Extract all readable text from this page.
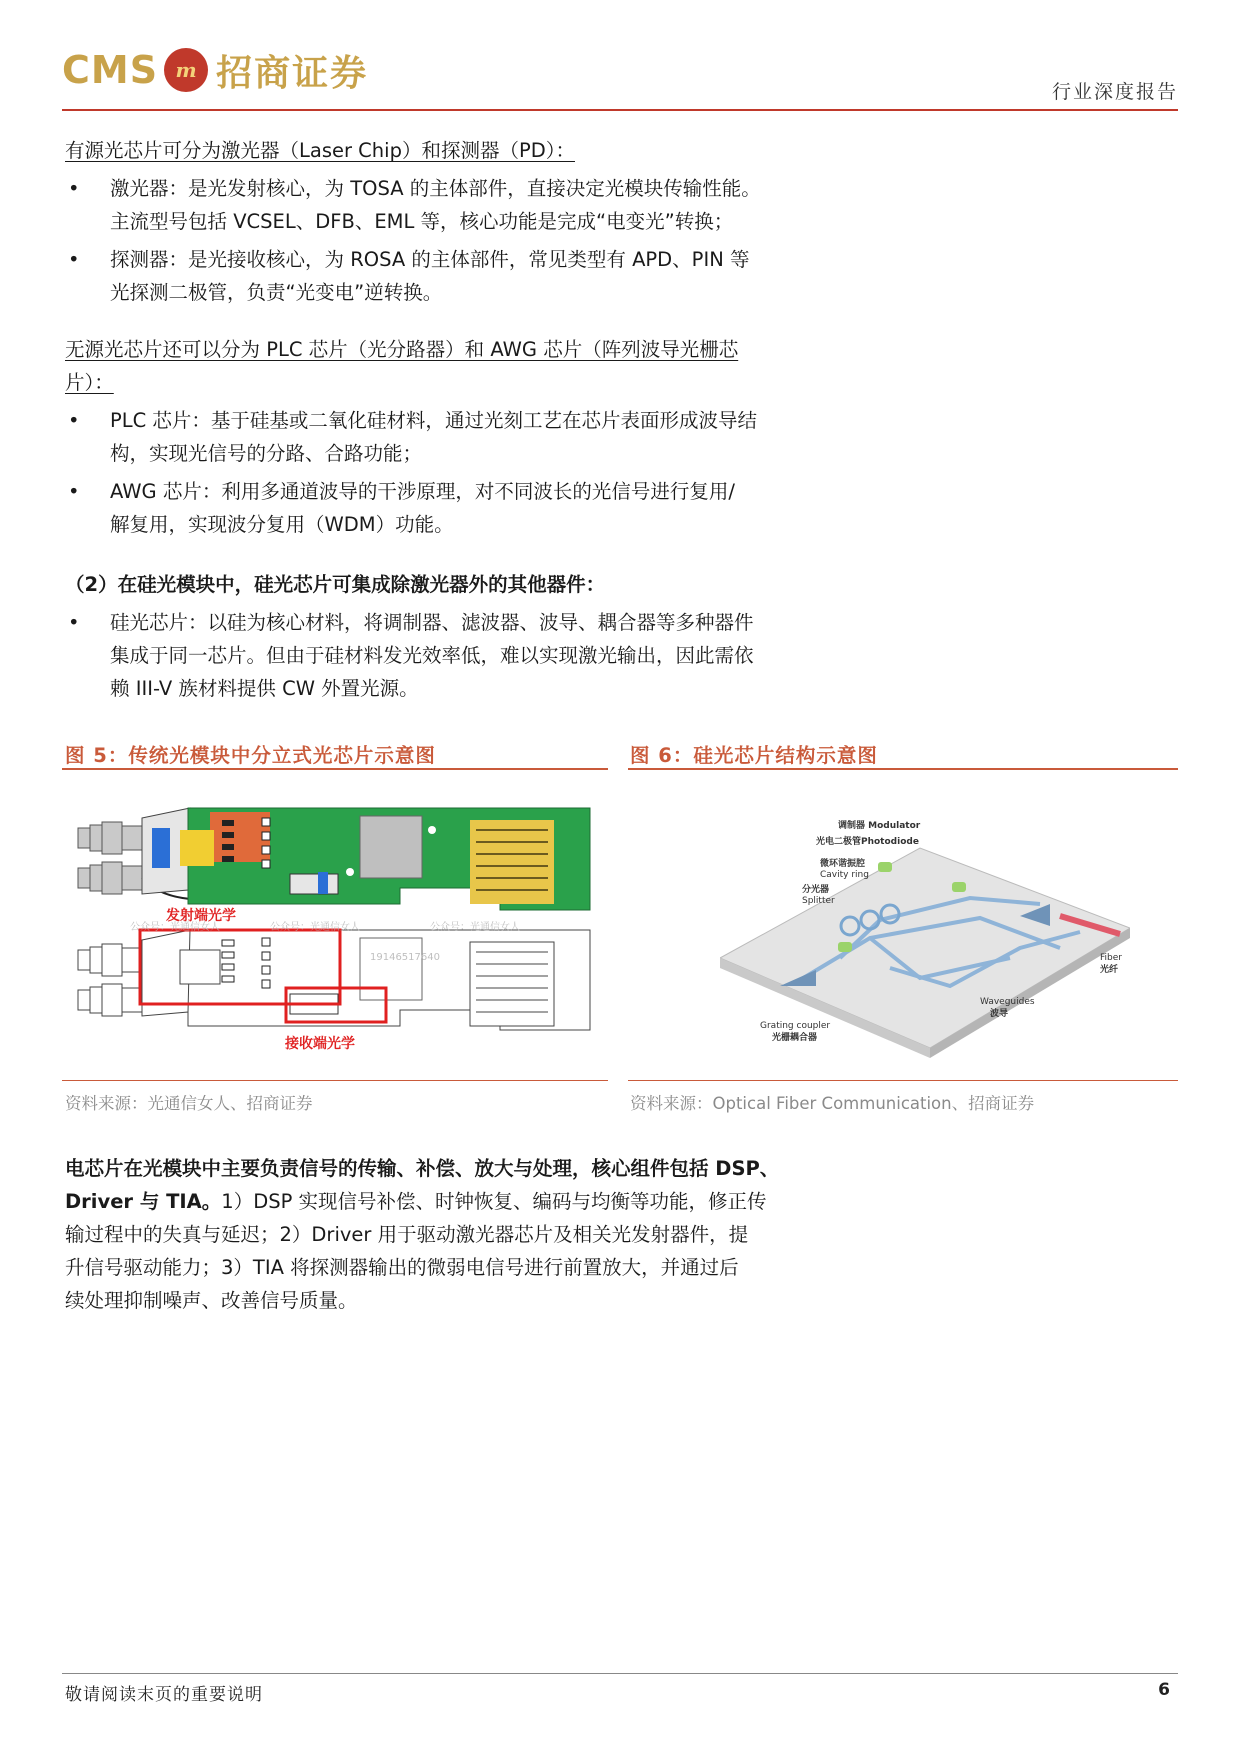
CMS m 招商证券	行业深度报告
有源光芯片可分为激光器（Laser Chip）和探测器（PD）：
• 激光器：是光发射核心，为 TOSA 的主体部件，直接决定光模块传输性能。
主流型号包括 VCSEL、DFB、EML 等，核心功能是完成“电变光”转换；
• 探测器：是光接收核心，为 ROSA 的主体部件，常见类型有 APD、PIN 等
光探测二极管，负责“光变电”逆转换。
无源光芯片还可以分为 PLC 芯片（光分路器）和 AWG 芯片（阵列波导光栅芯
片）：
• PLC 芯片：基于硅基或二氧化硅材料，通过光刻工艺在芯片表面形成波导结
构，实现光信号的分路、合路功能；
• AWG 芯片：利用多通道波导的干涉原理，对不同波长的光信号进行复用/
解复用，实现波分复用（WDM）功能。
（2）在硅光模块中，硅光芯片可集成除激光器外的其他器件：
• 硅光芯片：以硅为核心材料，将调制器、滤波器、波导、耦合器等多种器件
集成于同一芯片。但由于硅材料发光效率低，难以实现激光输出，因此需依
赖 III-V 族材料提供 CW 外置光源。
图 5：传统光模块中分立式光芯片示意图
发射端光学
接收端光学
公众号：光通信女人	公众号：光通信女人	公众号：光通信女人
19146517640
资料来源：光通信女人、招商证券
图 6：硅光芯片结构示意图
调制器 Modulator
光电二极管Photodiode
微环谐振腔
Cavity ring
分光器
Splitter
Fiber
光纤
Waveguides
波导
Grating coupler
光栅耦合器
资料来源：Optical Fiber Communication、招商证券
电芯片在光模块中主要负责信号的传输、补偿、放大与处理，核心组件包括 DSP、
Driver 与 TIA。1）DSP 实现信号补偿、时钟恢复、编码与均衡等功能，修正传
输过程中的失真与延迟；2）Driver 用于驱动激光器芯片及相关光发射器件，提
升信号驱动能力；3）TIA 将探测器输出的微弱电信号进行前置放大，并通过后
续处理抑制噪声、改善信号质量。
敬请阅读末页的重要说明	6
